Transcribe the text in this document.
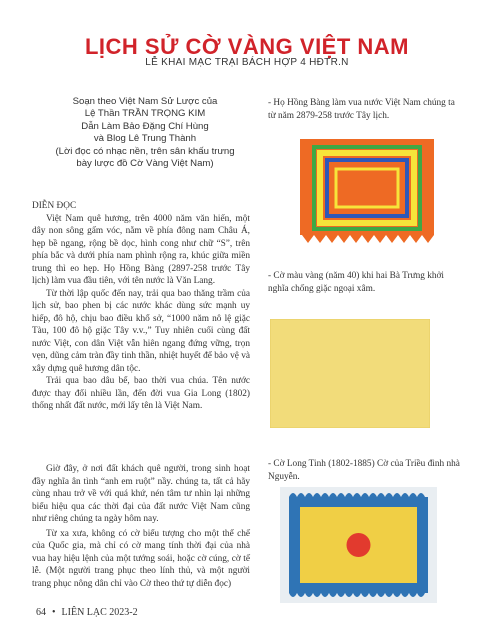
LỊCH SỬ CỜ VÀNG VIỆT NAM
LỄ KHAI MẠC TRẠI BÁCH HỢP 4 HĐTR.N
Soạn theo Việt Nam Sử Lược của
Lệ Thần TRẦN TRỌNG KIM
Dẫn Làm Bảo Đặng Chí Hùng
và Blog Lê Trung Thành
(Lời đọc có nhạc nền, trên sân khấu trưng
bày lược đồ Cờ Vàng Việt Nam)
DIỄN ĐỌC

Việt Nam quê hương, trên 4000 năm văn hiến, một dây non sông gấm vóc, nằm về phía đông nam Châu Á, hẹp bề ngang, rộng bề dọc, hình cong như chữ “S”, trên phía bắc và dưới phía nam phình rộng ra, khúc giữa miền trung thì eo hẹp. Họ Hồng Bàng (2897-258 trước Tây lịch) làm vua đầu tiên, với tên nước là Văn Lang.

Từ thời lập quốc đến nay, trải qua bao thăng trầm của lịch sử, bao phen bị các nước khác dùng sức mạnh uy hiếp, đô hộ, chịu bao điều khổ sở, “1000 năm nô lệ giặc Tàu, 100 đô hộ giặc Tây v.v.,” Tuy nhiên cuối cùng đất nước Việt, con dân Việt vẫn hiên ngang đứng vững, trọn vẹn, dũng cảm tràn đầy tinh thần, nhiệt huyết để bảo vệ và xây dựng quê hương dân tộc.

Trải qua bao dâu bể, bao thời vua chúa. Tên nước được thay đổi nhiều lần, đến đời vua Gia Long (1802) thống nhất đất nước, mới lấy tên là Việt Nam.

Giờ đây, ở nơi đất khách quê người, trong sinh hoạt đầy nghĩa ân tình “anh em ruột” nầy. chúng ta, tất cả hãy cùng nhau trở về với quá khứ, nén tâm tư nhìn lại những biểu hiệu qua các thời đại của đất nước Việt Nam cũng như riêng chúng ta ngày hôm nay.

Từ xa xưa, không có cờ biểu tượng cho một thể chế của Quốc gia, mà chỉ có cờ mang tính thời đại của nhà vua hay hiệu lệnh của một tướng soái, hoặc cờ cúng, cờ tế lễ. (Một người trang phục theo lính thủ, và một người trang phục nông dân chỉ vào Cờ theo thứ tự diễn đọc)

- Họ Hồng Bàng làm vua nước Việt Nam chúng ta từ năm 2879-258 trước Tây lịch.
- Cờ màu vàng (năm 40) khi hai Bà Trưng khởi nghĩa chống giặc ngoại xâm.
- Cờ Long Tinh (1802-1885) Cờ của Triều đình nhà Nguyễn.
64 • LIÊN LẠC 2023-2
